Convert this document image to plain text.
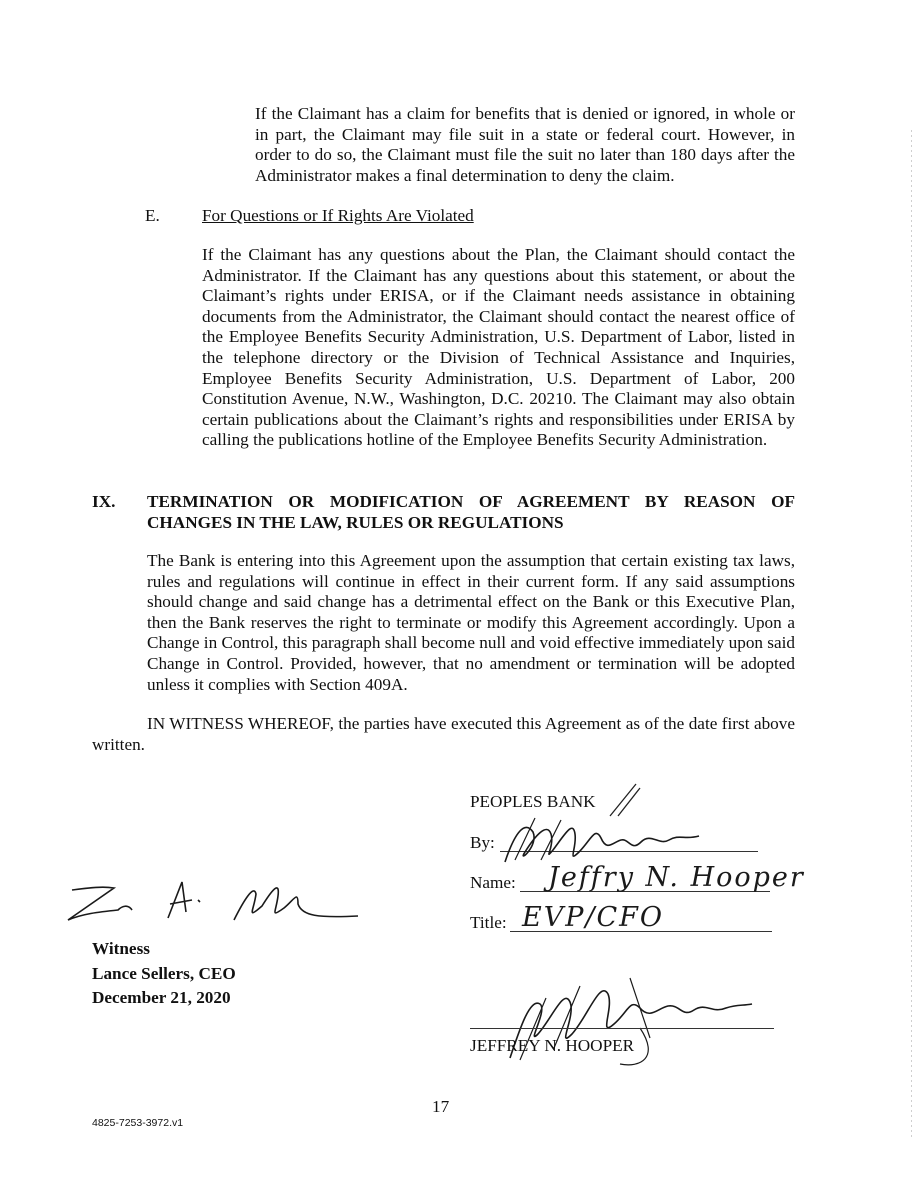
If the Claimant has a claim for benefits that is denied or ignored, in whole or in part, the Claimant may file suit in a state or federal court. However, in order to do so, the Claimant must file the suit no later than 180 days after the Administrator makes a final determination to deny the claim.

E. For Questions or If Rights Are Violated

If the Claimant has any questions about the Plan, the Claimant should contact the Administrator. If the Claimant has any questions about this statement, or about the Claimant’s rights under ERISA, or if the Claimant needs assistance in obtaining documents from the Administrator, the Claimant should contact the nearest office of the Employee Benefits Security Administration, U.S. Department of Labor, listed in the telephone directory or the Division of Technical Assistance and Inquiries, Employee Benefits Security Administration, U.S. Department of Labor, 200 Constitution Avenue, N.W., Washington, D.C. 20210. The Claimant may also obtain certain publications about the Claimant’s rights and responsibilities under ERISA by calling the publications hotline of the Employee Benefits Security Administration.

IX. TERMINATION OR MODIFICATION OF AGREEMENT BY REASON OF CHANGES IN THE LAW, RULES OR REGULATIONS

The Bank is entering into this Agreement upon the assumption that certain existing tax laws, rules and regulations will continue in effect in their current form. If any said assumptions should change and said change has a detrimental effect on the Bank or this Executive Plan, then the Bank reserves the right to terminate or modify this Agreement accordingly. Upon a Change in Control, this paragraph shall become null and void effective immediately upon said Change in Control. Provided, however, that no amendment or termination will be adopted unless it complies with Section 409A.

IN WITNESS WHEREOF, the parties have executed this Agreement as of the date first above written.

PEOPLES BANK
By:
Name: Jeffry N. Hooper
Title: EVP/CFO
JEFFREY N. HOOPER
Witness
Lance Sellers, CEO
December 21, 2020
17
4825-7253-3972.v1
